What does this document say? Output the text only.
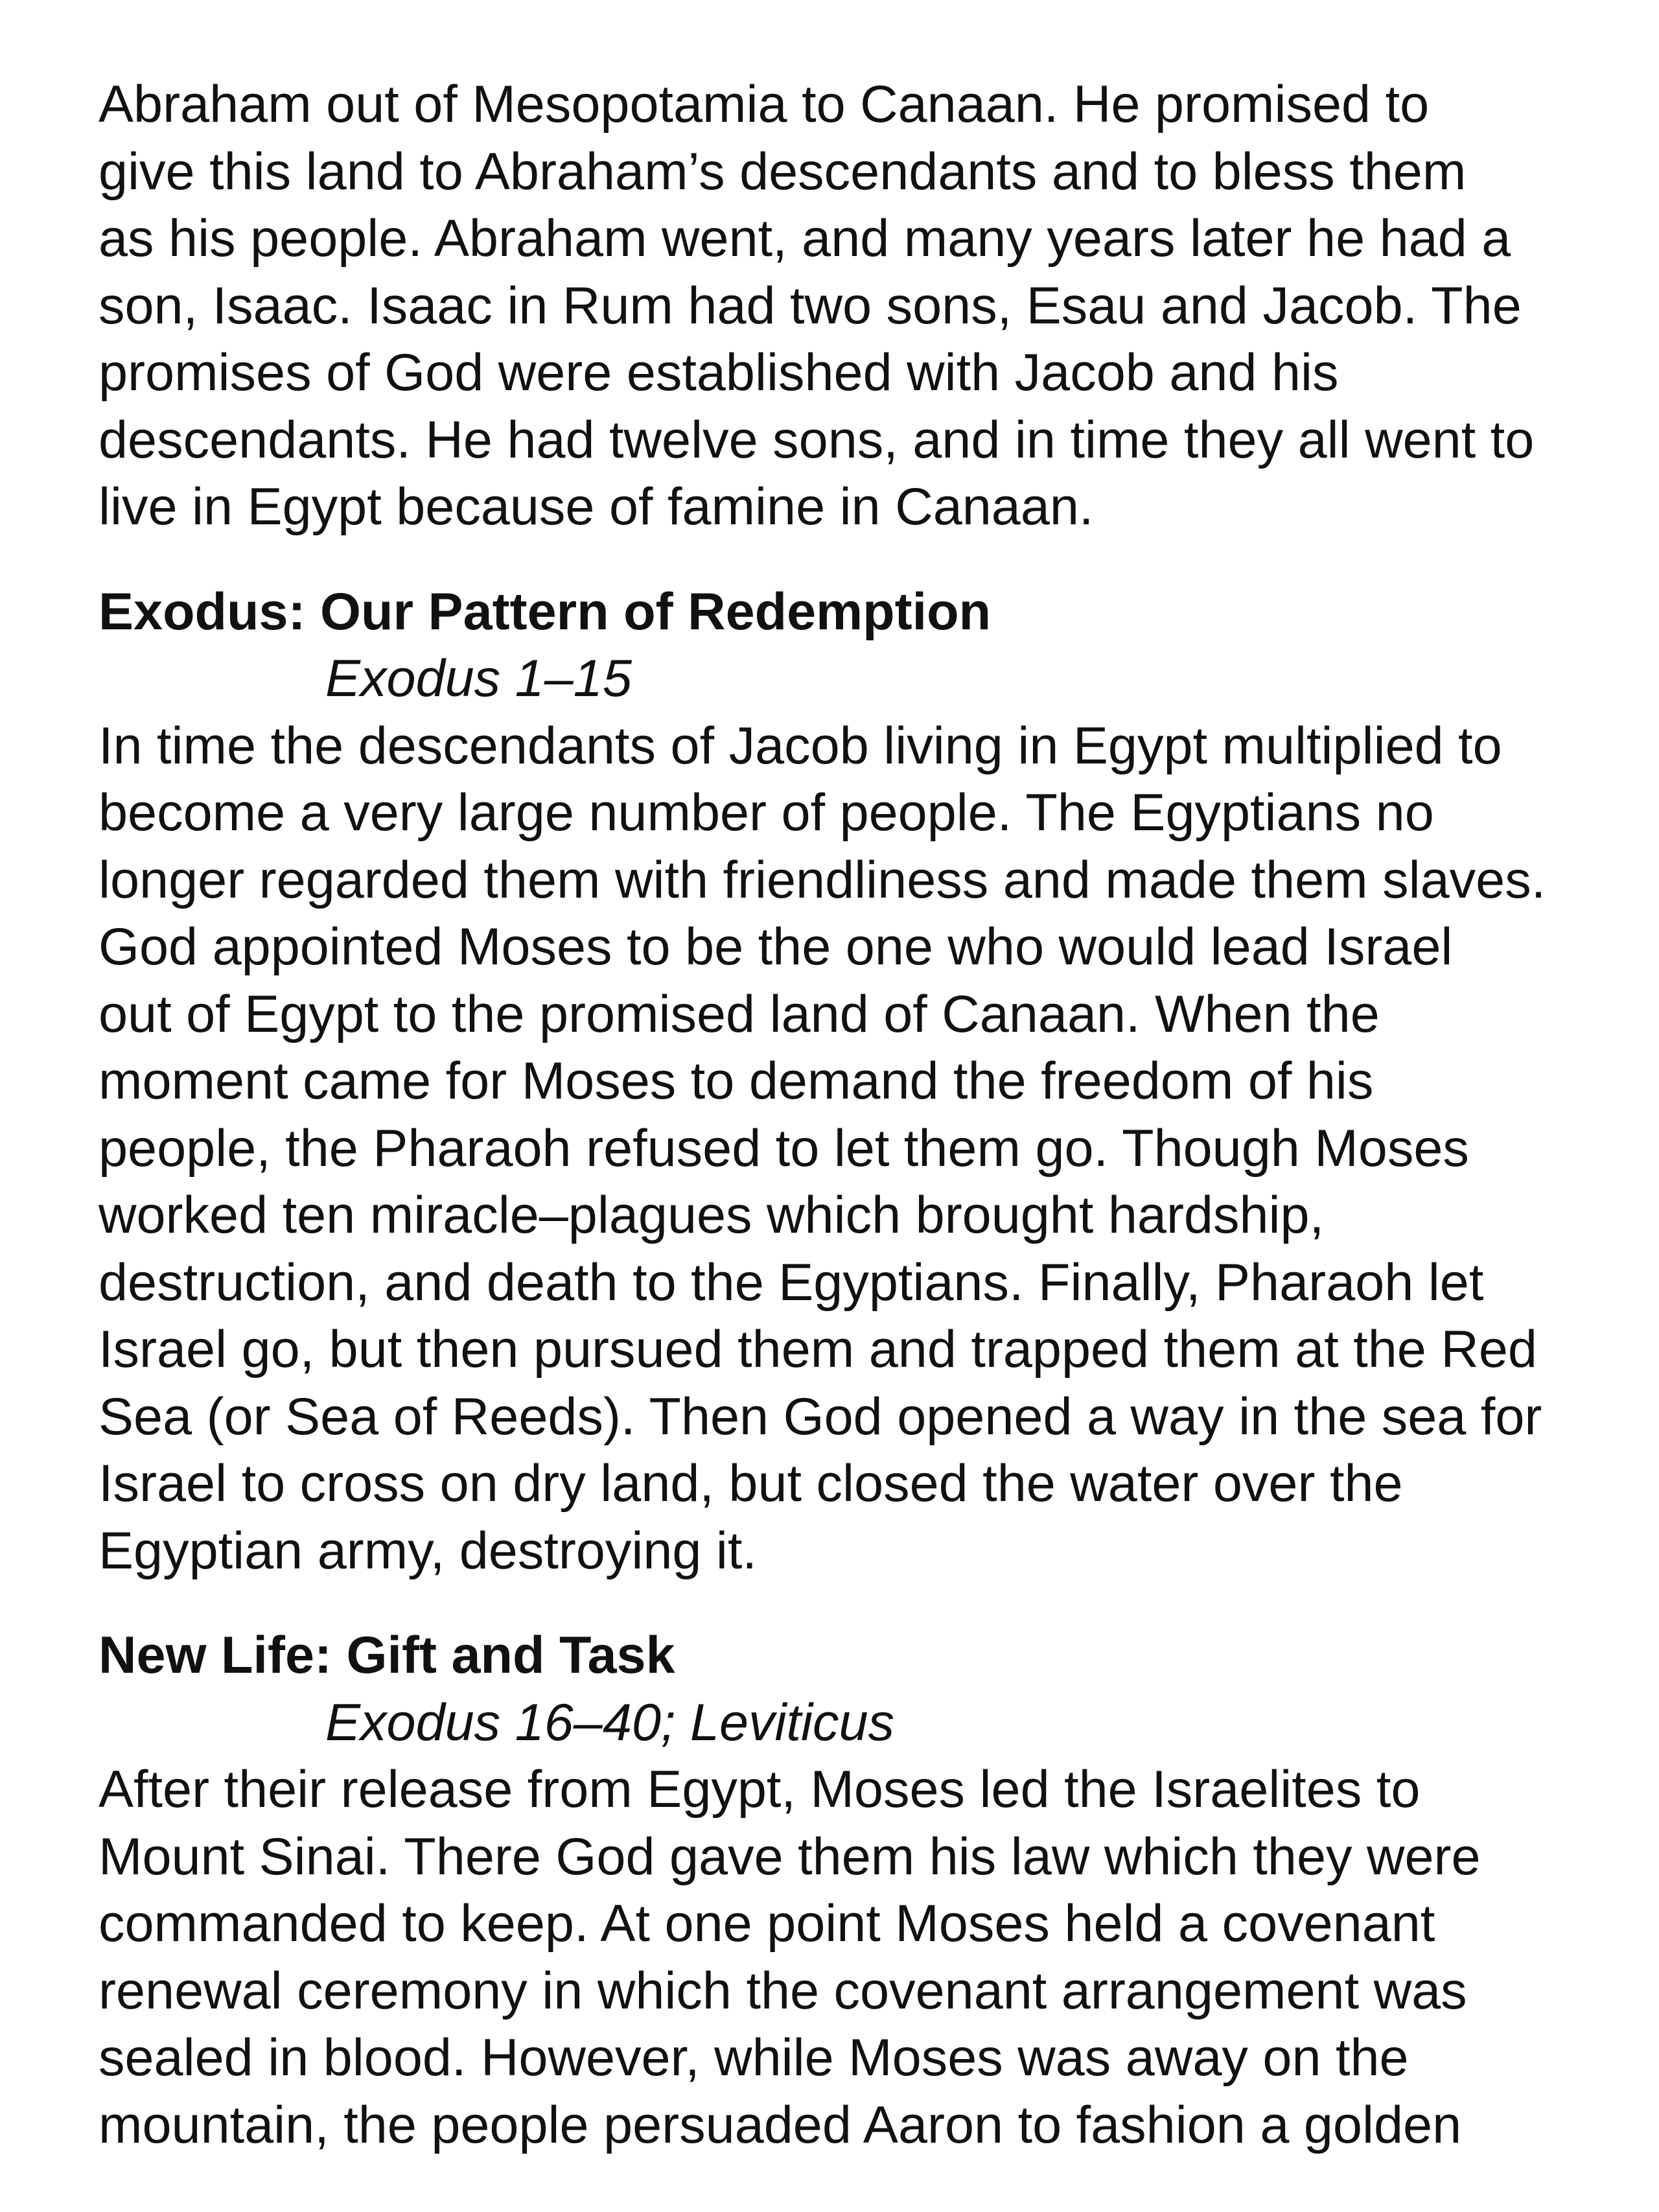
Abraham out of Mesopotamia to Canaan. He promised to
give this land to Abraham’s descendants and to bless them
as his people. Abraham went, and many years later he had a
son, Isaac. Isaac in Rum had two sons, Esau and Jacob. The
promises of God were established with Jacob and his
descendants. He had twelve sons, and in time they all went to
live in Egypt because of famine in Canaan.
Exodus: Our Pattern of Redemption
Exodus 1–15
In time the descendants of Jacob living in Egypt multiplied to
become a very large number of people. The Egyptians no
longer regarded them with friendliness and made them slaves.
God appointed Moses to be the one who would lead Israel
out of Egypt to the promised land of Canaan. When the
moment came for Moses to demand the freedom of his
people, the Pharaoh refused to let them go. Though Moses
worked ten miracle–plagues which brought hardship,
destruction, and death to the Egyptians. Finally, Pharaoh let
Israel go, but then pursued them and trapped them at the Red
Sea (or Sea of Reeds). Then God opened a way in the sea for
Israel to cross on dry land, but closed the water over the
Egyptian army, destroying it.
New Life: Gift and Task
Exodus 16–40; Leviticus
After their release from Egypt, Moses led the Israelites to
Mount Sinai. There God gave them his law which they were
commanded to keep. At one point Moses held a covenant
renewal ceremony in which the covenant arrangement was
sealed in blood. However, while Moses was away on the
mountain, the people persuaded Aaron to fashion a golden
